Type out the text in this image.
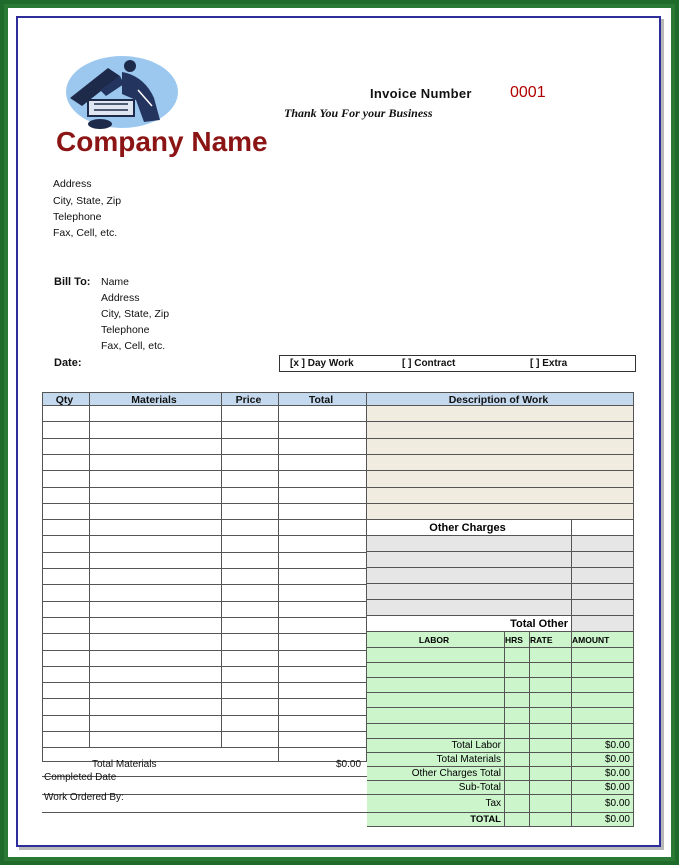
Invoice Number 0001
Thank You For your Business
Company Name
Address
City, State, Zip
Telephone
Fax, Cell, etc.
Bill To: Name
Address
City, State, Zip
Telephone
Fax, Cell, etc.
Date:	[x ] Day Work	[ ] Contract	[ ] Extra
Qty	Materials	Price	Total	Description of Work
Other Charges
Total Other
LABOR	HRS RATE	AMOUNT
Total Labor	$0.00
Total Materials	$0.00
Other Charges Total	$0.00
Sub-Total	$0.00
Tax	$0.00
TOTAL	$0.00
Total Materials	$0.00
Completed Date
Work Ordered By:
